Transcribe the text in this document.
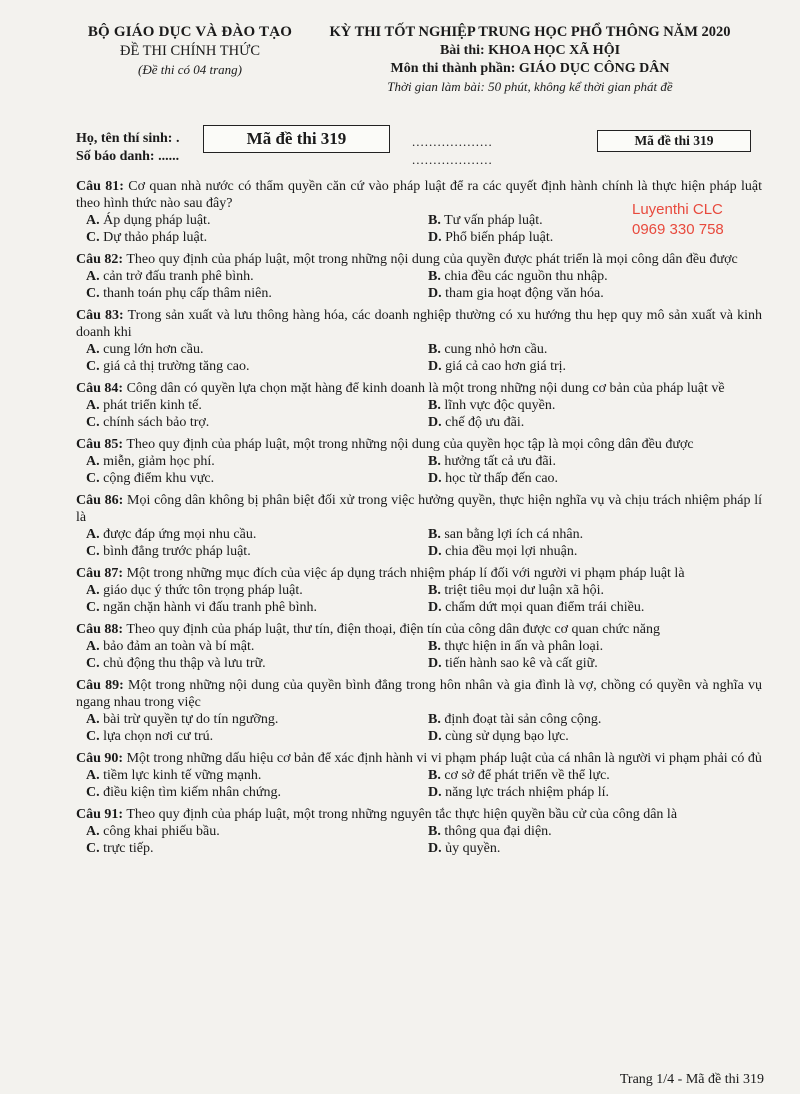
BỘ GIÁO DỤC VÀ ĐÀO TẠO
ĐỀ THI CHÍNH THỨC
(Đề thi có 04 trang)
KỲ THI TỐT NGHIỆP TRUNG HỌC PHỔ THÔNG NĂM 2020
Bài thi: KHOA HỌC XÃ HỘI
Môn thi thành phần: GIÁO DỤC CÔNG DÂN
Thời gian làm bài: 50 phút, không kể thời gian phát đề
Họ, tên thí sinh: .
Số báo danh: ......
Mã đề thi 319	...................
...................
Mã đề thi 319
Luyenthi CLC
0969 330 758
Câu 81: Cơ quan nhà nước có thẩm quyền căn cứ vào pháp luật để ra các quyết định hành chính là thực hiện pháp luật theo hình thức nào sau đây?
A. Áp dụng pháp luật.	B. Tư vấn pháp luật.
C. Dự thảo pháp luật.	D. Phổ biến pháp luật.
Câu 82: Theo quy định của pháp luật, một trong những nội dung của quyền được phát triển là mọi công dân đều được
A. cản trở đấu tranh phê bình.	B. chia đều các nguồn thu nhập.
C. thanh toán phụ cấp thâm niên.	D. tham gia hoạt động văn hóa.
Câu 83: Trong sản xuất và lưu thông hàng hóa, các doanh nghiệp thường có xu hướng thu hẹp quy mô sản xuất và kinh doanh khi
A. cung lớn hơn cầu.	B. cung nhỏ hơn cầu.
C. giá cả thị trường tăng cao.	D. giá cả cao hơn giá trị.
Câu 84: Công dân có quyền lựa chọn mặt hàng để kinh doanh là một trong những nội dung cơ bản của pháp luật về
A. phát triển kinh tế.	B. lĩnh vực độc quyền.
C. chính sách bảo trợ.	D. chế độ ưu đãi.
Câu 85: Theo quy định của pháp luật, một trong những nội dung của quyền học tập là mọi công dân đều được
A. miễn, giảm học phí.	B. hưởng tất cả ưu đãi.
C. cộng điểm khu vực.	D. học từ thấp đến cao.
Câu 86: Mọi công dân không bị phân biệt đối xử trong việc hưởng quyền, thực hiện nghĩa vụ và chịu trách nhiệm pháp lí là
A. được đáp ứng mọi nhu cầu.	B. san bằng lợi ích cá nhân.
C. bình đẳng trước pháp luật.	D. chia đều mọi lợi nhuận.
Câu 87: Một trong những mục đích của việc áp dụng trách nhiệm pháp lí đối với người vi phạm pháp luật là
A. giáo dục ý thức tôn trọng pháp luật.	B. triệt tiêu mọi dư luận xã hội.
C. ngăn chặn hành vi đấu tranh phê bình.	D. chấm dứt mọi quan điểm trái chiều.
Câu 88: Theo quy định của pháp luật, thư tín, điện thoại, điện tín của công dân được cơ quan chức năng
A. bảo đảm an toàn và bí mật.	B. thực hiện in ấn và phân loại.
C. chủ động thu thập và lưu trữ.	D. tiến hành sao kê và cất giữ.
Câu 89: Một trong những nội dung của quyền bình đẳng trong hôn nhân và gia đình là vợ, chồng có quyền và nghĩa vụ ngang nhau trong việc
A. bài trừ quyền tự do tín ngưỡng.	B. định đoạt tài sản công cộng.
C. lựa chọn nơi cư trú.	D. cùng sử dụng bạo lực.
Câu 90: Một trong những dấu hiệu cơ bản để xác định hành vi vi phạm pháp luật của cá nhân là người vi phạm phải có đủ
A. tiềm lực kinh tế vững mạnh.	B. cơ sở để phát triển về thể lực.
C. điều kiện tìm kiếm nhân chứng.	D. năng lực trách nhiệm pháp lí.
Câu 91: Theo quy định của pháp luật, một trong những nguyên tắc thực hiện quyền bầu cử của công dân là
A. công khai phiếu bầu.	B. thông qua đại diện.
C. trực tiếp.	D. ủy quyền.
Trang 1/4 - Mã đề thi 319
